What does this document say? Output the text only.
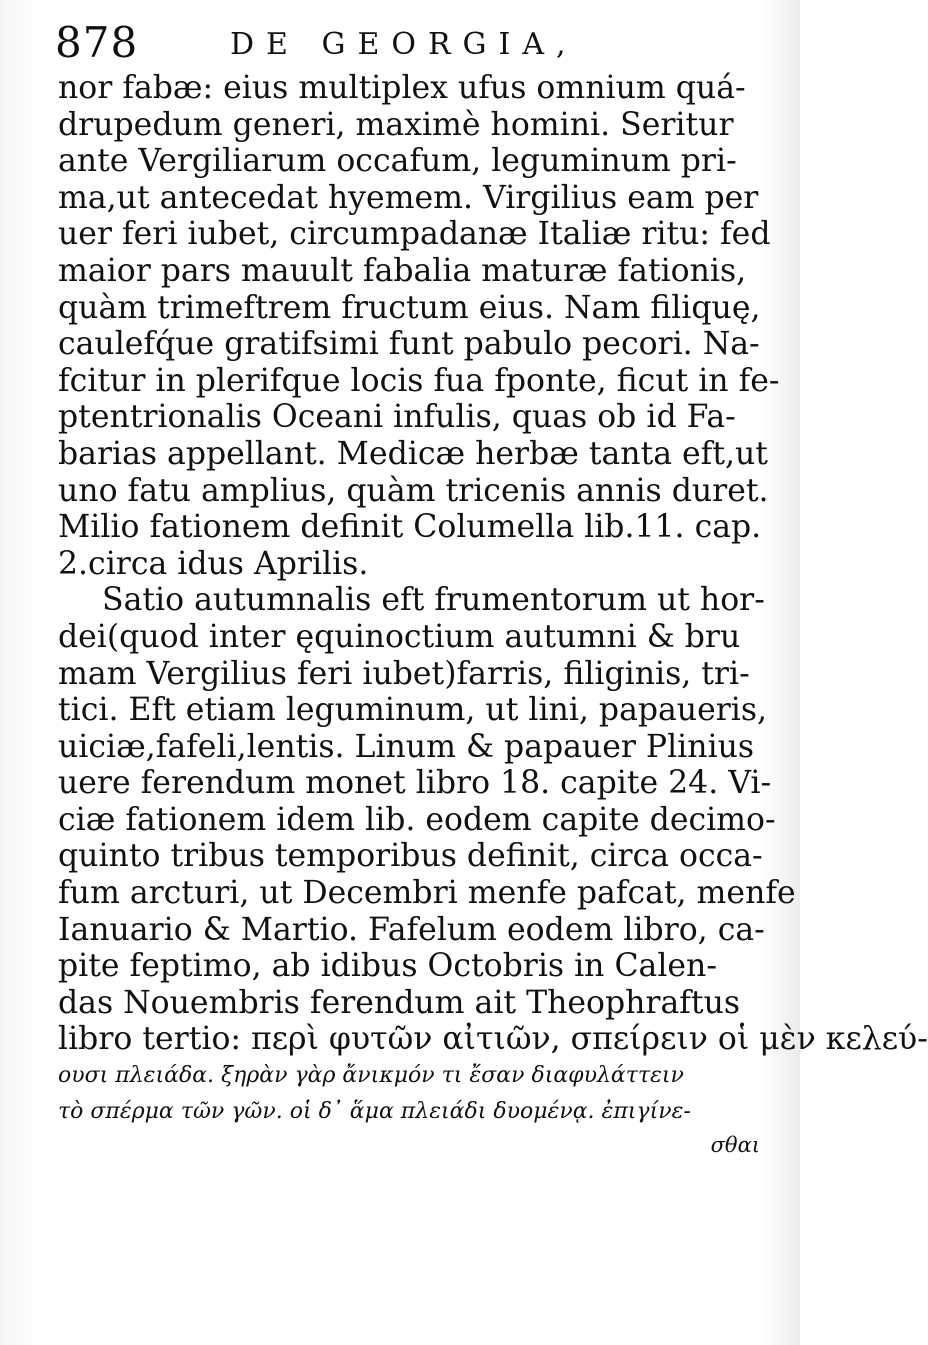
878	DE GEORGIA,
nor fabæ: eius multiplex ufus omnium quá-
drupedum generi, maximè homini. Seritur
ante Vergiliarum occafum, leguminum pri-
ma,ut antecedat hyemem. Virgilius eam per
uer feri iubet, circumpadanæ Italiæ ritu: fed
maior pars mauult fabalia maturæ fationis,
quàm trimeftrem fructum eius. Nam filiquę,
caulefq́ue gratifsimi funt pabulo pecori. Na-
fcitur in plerifque locis fua fponte, ficut in fe-
ptentrionalis Oceani infulis, quas ob id Fa-
barias appellant. Medicæ herbæ tanta eft,ut
uno fatu amplius, quàm tricenis annis duret.
Milio fationem definit Columella lib.11. cap.
2.circa idus Aprilis.
Satio autumnalis eft frumentorum ut hor-
dei(quod inter ęquinoctium autumni & bru
mam Vergilius feri iubet)farris, filiginis, tri-
tici. Eft etiam leguminum, ut lini, papaueris,
uiciæ,fafeli,lentis. Linum & papauer Plinius
uere ferendum monet libro 18. capite 24. Vi-
ciæ fationem idem lib. eodem capite decimo-
quinto tribus temporibus definit, circa occa-
fum arcturi, ut Decembri menfe pafcat, menfe
Ianuario & Martio. Fafelum eodem libro, ca-
pite feptimo, ab idibus Octobris in Calen-
das Nouembris ferendum ait Theophraftus
libro tertio: περὶ φυτῶν αἰτιῶν, σπείρειν οἱ μὲν κελεύ-
ουσι πλειάδα. ξηρὰν γὰρ ἄνικμόν τι ἔσαν διαφυλάττειν
τὸ σπέρμα τῶν γῶν. οἱ δ᾽ ἅμα πλειάδι δυομένᾳ. ἐπιγίνε-
σθαι
